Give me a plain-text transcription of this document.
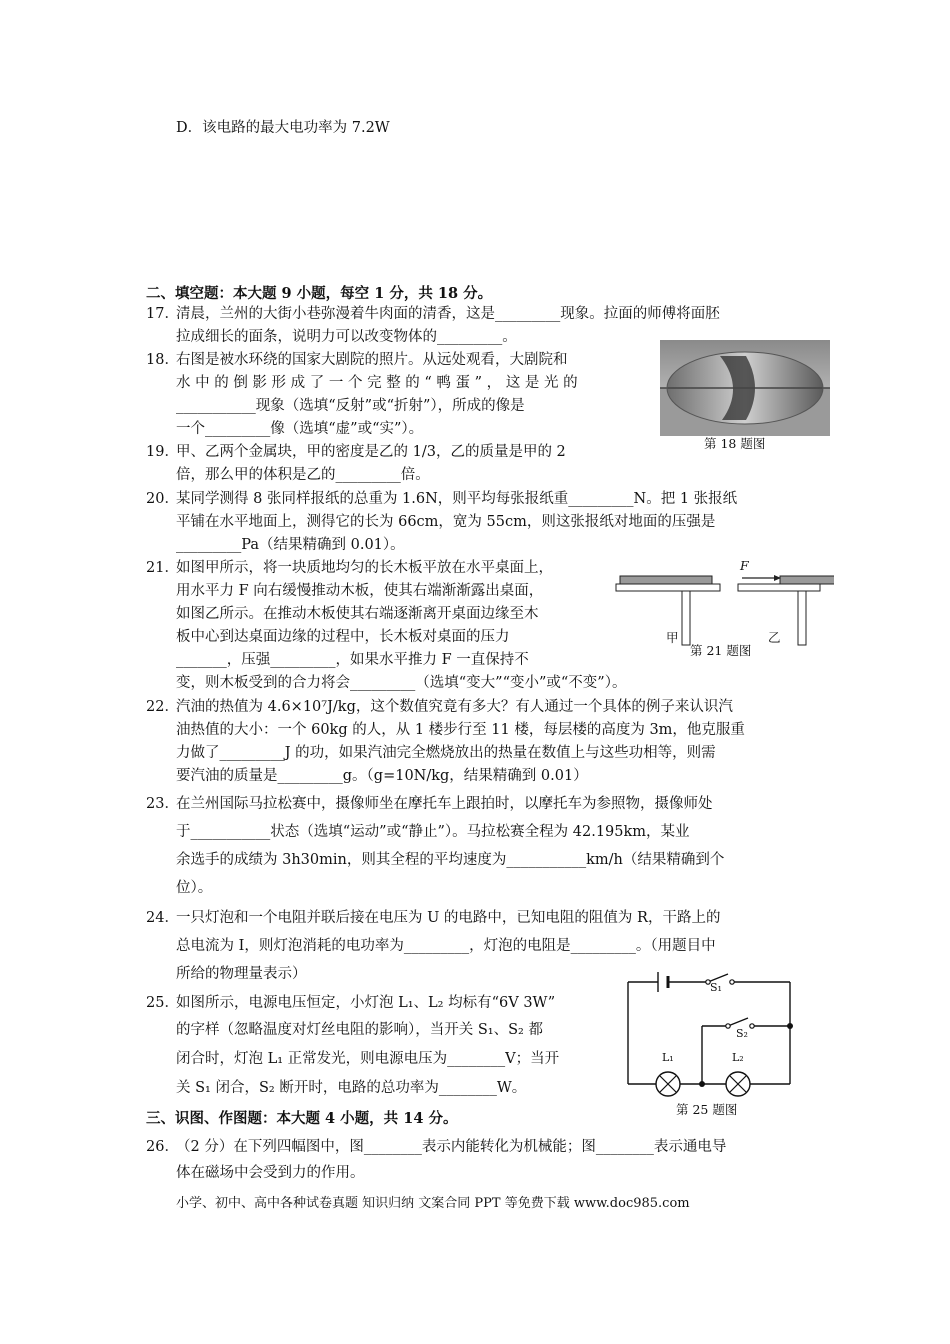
D．该电路的最大电功率为 7.2W
二、填空题：本大题 9 小题，每空 1 分，共 18 分。
17．
清晨，兰州的大街小巷弥漫着牛肉面的清香，这是_________现象。拉面的师傅将面胚
拉成细长的面条，说明力可以改变物体的_________。
18．
右图是被水环绕的国家大剧院的照片。从远处观看，大剧院和
水 中 的 倒 影 形 成 了 一 个 完 整 的 “ 鸭 蛋 ” ， 这 是 光 的
___________现象（选填“反射”或“折射”），所成的像是
一个_________像（选填“虚”或“实”）。
第 18 题图
19．
甲、乙两个金属块，甲的密度是乙的 1/3，乙的质量是甲的 2
倍，那么甲的体积是乙的_________倍。
20．
某同学测得 8 张同样报纸的总重为 1.6N，则平均每张报纸重_________N。把 1 张报纸
平铺在水平地面上，测得它的长为 66cm，宽为 55cm，则这张报纸对地面的压强是
_________Pa（结果精确到 0.01）。
21．
如图甲所示，将一块质地均匀的长木板平放在水平桌面上，
用水平力 F 向右缓慢推动木板，使其右端渐渐露出桌面，
如图乙所示。在推动木板使其右端逐渐离开桌面边缘至木
板中心到达桌面边缘的过程中，长木板对桌面的压力
_______，压强_________，如果水平推力 F 一直保持不
变，则木板受到的合力将会_________（选填“变大”“变小”或“不变”）。
F
甲	乙
第 21 题图
22．
汽油的热值为 4.6×10⁷J/kg，这个数值究竟有多大？有人通过一个具体的例子来认识汽
油热值的大小：一个 60kg 的人，从 1 楼步行至 11 楼，每层楼的高度为 3m，他克服重
力做了_________J 的功，如果汽油完全燃烧放出的热量在数值上与这些功相等，则需
要汽油的质量是_________g。（g=10N/kg，结果精确到 0.01）
23．
在兰州国际马拉松赛中，摄像师坐在摩托车上跟拍时，以摩托车为参照物，摄像师处
于___________状态（选填“运动”或“静止”）。马拉松赛全程为 42.195km，某业
余选手的成绩为 3h30min，则其全程的平均速度为___________km/h（结果精确到个
位）。
24．
一只灯泡和一个电阻并联后接在电压为 U 的电路中，已知电阻的阻值为 R，干路上的
总电流为 I，则灯泡消耗的电功率为_________，灯泡的电阻是_________。（用题目中
所给的物理量表示）
25．
如图所示，电源电压恒定，小灯泡 L₁、L₂ 均标有“6V 3W”
的字样（忽略温度对灯丝电阻的影响），当开关 S₁、S₂ 都
闭合时，灯泡 L₁ 正常发光，则电源电压为________V；当开
关 S₁ 闭合，S₂ 断开时，电路的总功率为________W。
S₁
S₂
L₁	L₂
第 25 题图
三、识图、作图题：本大题 4 小题，共 14 分。
26．
（2 分）在下列四幅图中，图________表示内能转化为机械能；图________表示通电导
体在磁场中会受到力的作用。
小学、初中、高中各种试卷真题 知识归纳 文案合同 PPT 等免费下载 www.doc985.com
